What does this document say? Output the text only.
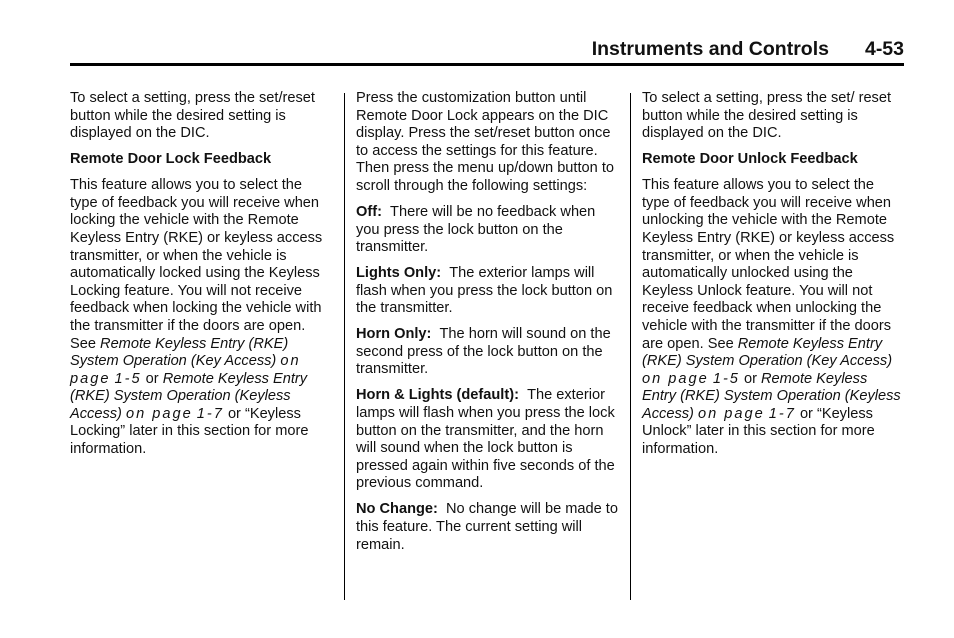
Instruments and Controls 4-53

To select a setting, press the set/reset button while the desired setting is displayed on the DIC.

Remote Door Lock Feedback

This feature allows you to select the type of feedback you will receive when locking the vehicle with the Remote Keyless Entry (RKE) or keyless access transmitter, or when the vehicle is automatically locked using the Keyless Locking feature. You will not receive feedback when locking the vehicle with the transmitter if the doors are open. See Remote Keyless Entry (RKE) System Operation (Key Access) on page 1-5 or Remote Keyless Entry (RKE) System Operation (Keyless Access) on page 1-7 or “Keyless Locking” later in this section for more information.

Press the customization button until Remote Door Lock appears on the DIC display. Press the set/reset button once to access the settings for this feature. Then press the menu up/down button to scroll through the following settings:

Off: There will be no feedback when you press the lock button on the transmitter.

Lights Only: The exterior lamps will flash when you press the lock button on the transmitter.

Horn Only: The horn will sound on the second press of the lock button on the transmitter.

Horn & Lights (default): The exterior lamps will flash when you press the lock button on the transmitter, and the horn will sound when the lock button is pressed again within five seconds of the previous command.

No Change: No change will be made to this feature. The current setting will remain.

To select a setting, press the set/ reset button while the desired setting is displayed on the DIC.

Remote Door Unlock Feedback

This feature allows you to select the type of feedback you will receive when unlocking the vehicle with the Remote Keyless Entry (RKE) or keyless access transmitter, or when the vehicle is automatically unlocked using the Keyless Unlock feature. You will not receive feedback when unlocking the vehicle with the transmitter if the doors are open. See Remote Keyless Entry (RKE) System Operation (Key Access) on page 1-5 or Remote Keyless Entry (RKE) System Operation (Keyless Access) on page 1-7 or “Keyless Unlock” later in this section for more information.
